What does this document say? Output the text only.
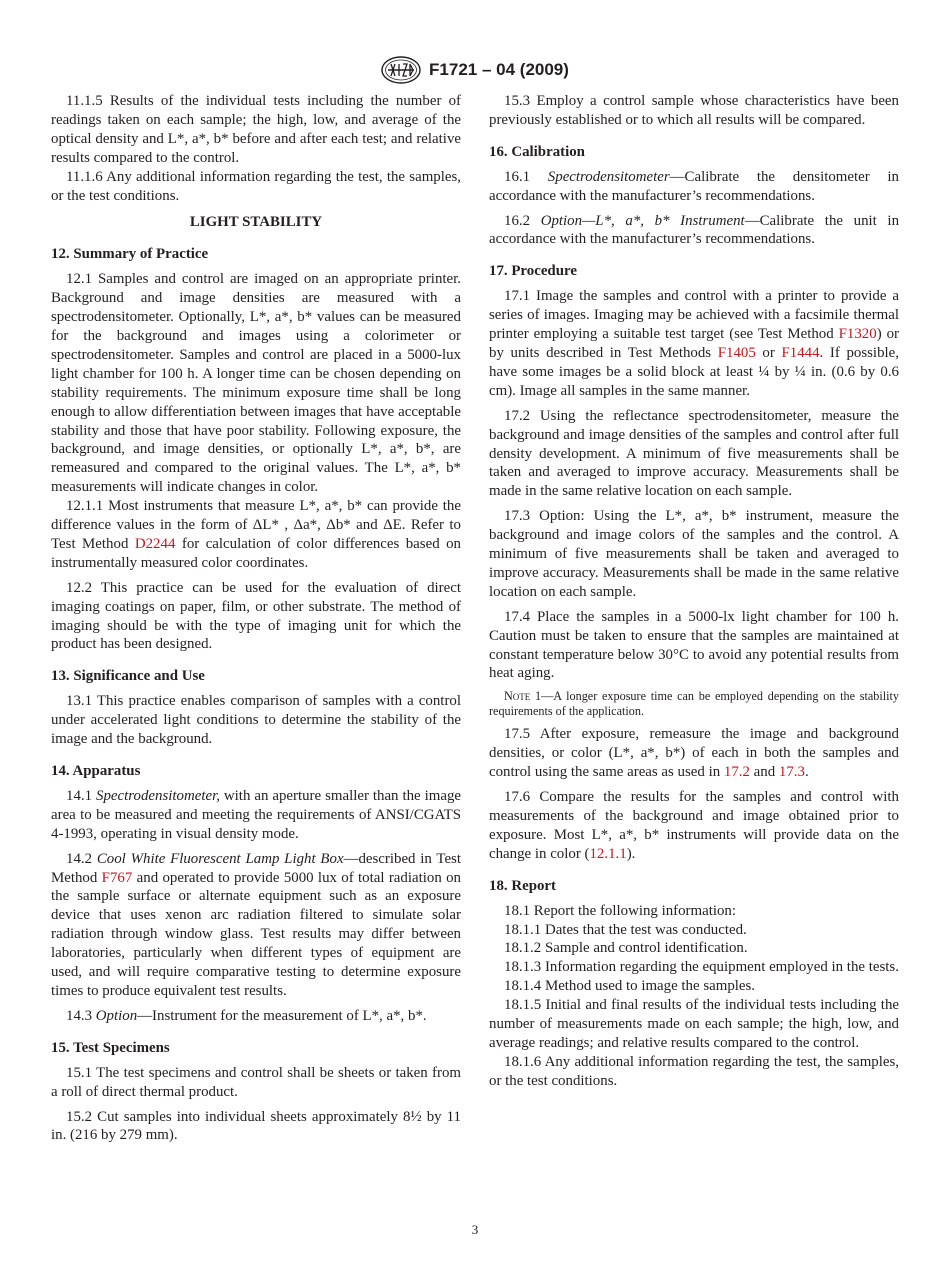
F1721 – 04 (2009)

11.1.5 Results of the individual tests including the number of readings taken on each sample; the high, low, and average of the optical density and L*, a*, b* before and after each test; and relative results compared to the control.

11.1.6 Any additional information regarding the test, the samples, or the test conditions.

LIGHT STABILITY
12. Summary of Practice

12.1 Samples and control are imaged on an appropriate printer. Background and image densities are measured with a spectrodensitometer. Optionally, L*, a*, b* values can be measured for the background and images using a colorimeter or spectrodensitometer. Samples and control are placed in a 5000-lux light chamber for 100 h. A longer time can be chosen depending on stability requirements. The minimum exposure time shall be long enough to allow differentiation between images that have acceptable stability and those that have poor stability. Following exposure, the background, and image densities, or optionally L*, a*, b*, are remeasured and compared to the original values. The L*, a*, b* measurements will indicate changes in color.

12.1.1 Most instruments that measure L*, a*, b* can provide the difference values in the form of ΔL* , Δa*, Δb* and ΔE. Refer to Test Method D2244 for calculation of color differences based on instrumentally measured color coordinates.

12.2 This practice can be used for the evaluation of direct imaging coatings on paper, film, or other substrate. The method of imaging should be with the type of imaging unit for which the product has been designed.

13. Significance and Use

13.1 This practice enables comparison of samples with a control under accelerated light conditions to determine the stability of the image and the background.

14. Apparatus

14.1 Spectrodensitometer, with an aperture smaller than the image area to be measured and meeting the requirements of ANSI/CGATS 4-1993, operating in visual density mode.

14.2 Cool White Fluorescent Lamp Light Box—described in Test Method F767 and operated to provide 5000 lux of total radiation on the sample surface or alternate equipment such as an exposure device that uses xenon arc radiation filtered to simulate solar radiation through window glass. Test results may differ between laboratories, particularly when different types of equipment are used, and will require comparative testing to determine exposure times to produce equivalent test results.

14.3 Option—Instrument for the measurement of L*, a*, b*.

15. Test Specimens

15.1 The test specimens and control shall be sheets or taken from a roll of direct thermal product.

15.2 Cut samples into individual sheets approximately 8½ by 11 in. (216 by 279 mm).

15.3 Employ a control sample whose characteristics have been previously established or to which all results will be compared.

16. Calibration

16.1 Spectrodensitometer—Calibrate the densitometer in accordance with the manufacturer’s recommendations.

16.2 Option—L*, a*, b* Instrument—Calibrate the unit in accordance with the manufacturer’s recommendations.

17. Procedure

17.1 Image the samples and control with a printer to provide a series of images. Imaging may be achieved with a facsimile thermal printer employing a suitable test target (see Test Method F1320) or by units described in Test Methods F1405 or F1444. If possible, have some images be a solid block at least ¼ by ¼ in. (0.6 by 0.6 cm). Image all samples in the same manner.

17.2 Using the reflectance spectrodensitometer, measure the background and image densities of the samples and control after full density development. A minimum of five measurements shall be taken and averaged to improve accuracy. Measurements shall be made in the same relative location on each sample.

17.3 Option: Using the L*, a*, b* instrument, measure the background and image colors of the samples and the control. A minimum of five measurements shall be taken and averaged to improve accuracy. Measurements shall be made in the same relative location on each sample.

17.4 Place the samples in a 5000-lx light chamber for 100 h. Caution must be taken to ensure that the samples are maintained at constant temperature below 30°C to avoid any potential results from heat aging.

Note 1—A longer exposure time can be employed depending on the stability requirements of the application.

17.5 After exposure, remeasure the image and background densities, or color (L*, a*, b*) of each in both the samples and control using the same areas as used in 17.2 and 17.3.

17.6 Compare the results for the samples and control with measurements of the background and image obtained prior to exposure. Most L*, a*, b* instruments will provide data on the change in color (12.1.1).

18. Report

18.1 Report the following information:

18.1.1 Dates that the test was conducted.

18.1.2 Sample and control identification.

18.1.3 Information regarding the equipment employed in the tests.

18.1.4 Method used to image the samples.

18.1.5 Initial and final results of the individual tests including the number of measurements made on each sample; the high, low, and average readings; and relative results compared to the control.

18.1.6 Any additional information regarding the test, the samples, or the test conditions.

3
